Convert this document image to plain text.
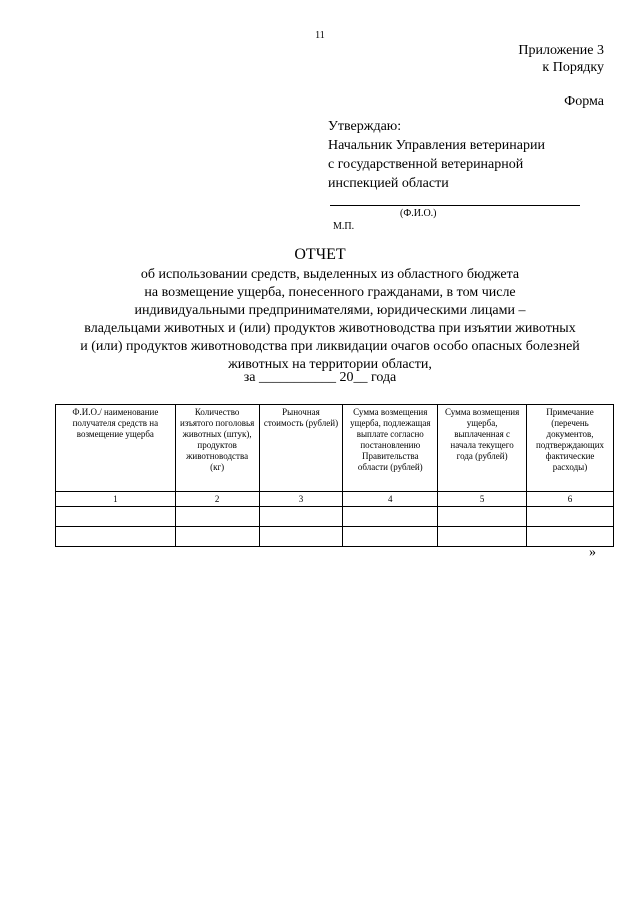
11
Приложение 3
к Порядку
Форма
Утверждаю:
Начальник Управления ветеринарии
с государственной ветеринарной
инспекцией области
(Ф.И.О.)
М.П.
ОТЧЕТ
об использовании средств, выделенных из областного бюджета
на возмещение ущерба, понесенного гражданами, в том числе
индивидуальными предпринимателями, юридическими лицами –
владельцами животных и (или) продуктов животноводства при изъятии животных
и (или) продуктов животноводства при ликвидации очагов особо опасных болезней
животных на территории области,
за ___________ 20__ года
Ф.И.О./ наименование получателя средств на возмещение ущерба	Количество изъятого поголовья животных (штук), продуктов животноводства (кг)	Рыночная стоимость (рублей)	Сумма возмещения ущерба, подлежащая выплате согласно постановлению Правительства области (рублей)	Сумма возмещения ущерба, выплаченная с начала текущего года (рублей)	Примечание (перечень документов, подтверждающих фактические расходы)
1	2	3	4	5	6

»
